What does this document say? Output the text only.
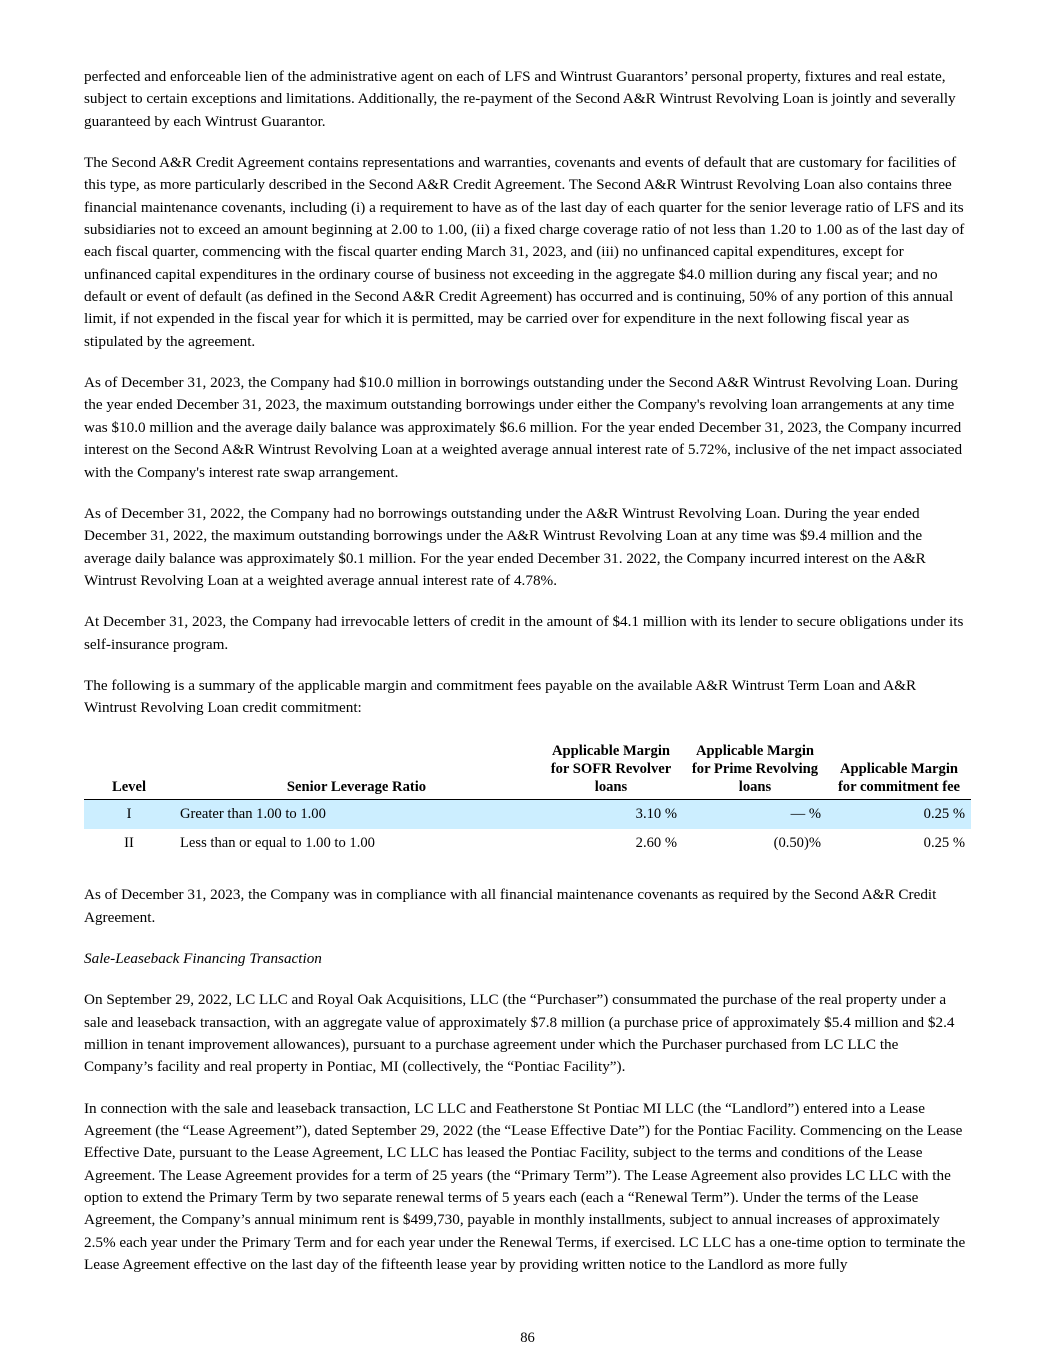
perfected and enforceable lien of the administrative agent on each of LFS and Wintrust Guarantors’ personal property, fixtures and real estate, subject to certain exceptions and limitations. Additionally, the re-payment of the Second A&R Wintrust Revolving Loan is jointly and severally guaranteed by each Wintrust Guarantor.

The Second A&R Credit Agreement contains representations and warranties, covenants and events of default that are customary for facilities of this type, as more particularly described in the Second A&R Credit Agreement. The Second A&R Wintrust Revolving Loan also contains three financial maintenance covenants, including (i) a requirement to have as of the last day of each quarter for the senior leverage ratio of LFS and its subsidiaries not to exceed an amount beginning at 2.00 to 1.00, (ii) a fixed charge coverage ratio of not less than 1.20 to 1.00 as of the last day of each fiscal quarter, commencing with the fiscal quarter ending March 31, 2023, and (iii) no unfinanced capital expenditures, except for unfinanced capital expenditures in the ordinary course of business not exceeding in the aggregate $4.0 million during any fiscal year; and no default or event of default (as defined in the Second A&R Credit Agreement) has occurred and is continuing, 50% of any portion of this annual limit, if not expended in the fiscal year for which it is permitted, may be carried over for expenditure in the next following fiscal year as stipulated by the agreement.

As of December 31, 2023, the Company had $10.0 million in borrowings outstanding under the Second A&R Wintrust Revolving Loan. During the year ended December 31, 2023, the maximum outstanding borrowings under either the Company's revolving loan arrangements at any time was $10.0 million and the average daily balance was approximately $6.6 million. For the year ended December 31, 2023, the Company incurred interest on the Second A&R Wintrust Revolving Loan at a weighted average annual interest rate of 5.72%, inclusive of the net impact associated with the Company's interest rate swap arrangement.

As of December 31, 2022, the Company had no borrowings outstanding under the A&R Wintrust Revolving Loan. During the year ended December 31, 2022, the maximum outstanding borrowings under the A&R Wintrust Revolving Loan at any time was $9.4 million and the average daily balance was approximately $0.1 million. For the year ended December 31. 2022, the Company incurred interest on the A&R Wintrust Revolving Loan at a weighted average annual interest rate of 4.78%.

At December 31, 2023, the Company had irrevocable letters of credit in the amount of $4.1 million with its lender to secure obligations under its self-insurance program.

The following is a summary of the applicable margin and commitment fees payable on the available A&R Wintrust Term Loan and A&R Wintrust Revolving Loan credit commitment:

Level	Senior Leverage Ratio	Applicable Margin for SOFR Revolver loans	Applicable Margin for Prime Revolving loans	Applicable Margin for commitment fee
I	Greater than 1.00 to 1.00	3.10 %	— %	0.25 %
II	Less than or equal to 1.00 to 1.00	2.60 %	(0.50)%	0.25 %

As of December 31, 2023, the Company was in compliance with all financial maintenance covenants as required by the Second A&R Credit Agreement.

Sale-Leaseback Financing Transaction

On September 29, 2022, LC LLC and Royal Oak Acquisitions, LLC (the “Purchaser”) consummated the purchase of the real property under a sale and leaseback transaction, with an aggregate value of approximately $7.8 million (a purchase price of approximately $5.4 million and $2.4 million in tenant improvement allowances), pursuant to a purchase agreement under which the Purchaser purchased from LC LLC the Company’s facility and real property in Pontiac, MI (collectively, the “Pontiac Facility”).

In connection with the sale and leaseback transaction, LC LLC and Featherstone St Pontiac MI LLC (the “Landlord”) entered into a Lease Agreement (the “Lease Agreement”), dated September 29, 2022 (the “Lease Effective Date”) for the Pontiac Facility. Commencing on the Lease Effective Date, pursuant to the Lease Agreement, LC LLC has leased the Pontiac Facility, subject to the terms and conditions of the Lease Agreement. The Lease Agreement provides for a term of 25 years (the “Primary Term”). The Lease Agreement also provides LC LLC with the option to extend the Primary Term by two separate renewal terms of 5 years each (each a “Renewal Term”). Under the terms of the Lease Agreement, the Company’s annual minimum rent is $499,730, payable in monthly installments, subject to annual increases of approximately 2.5% each year under the Primary Term and for each year under the Renewal Terms, if exercised. LC LLC has a one-time option to terminate the Lease Agreement effective on the last day of the fifteenth lease year by providing written notice to the Landlord as more fully

86
